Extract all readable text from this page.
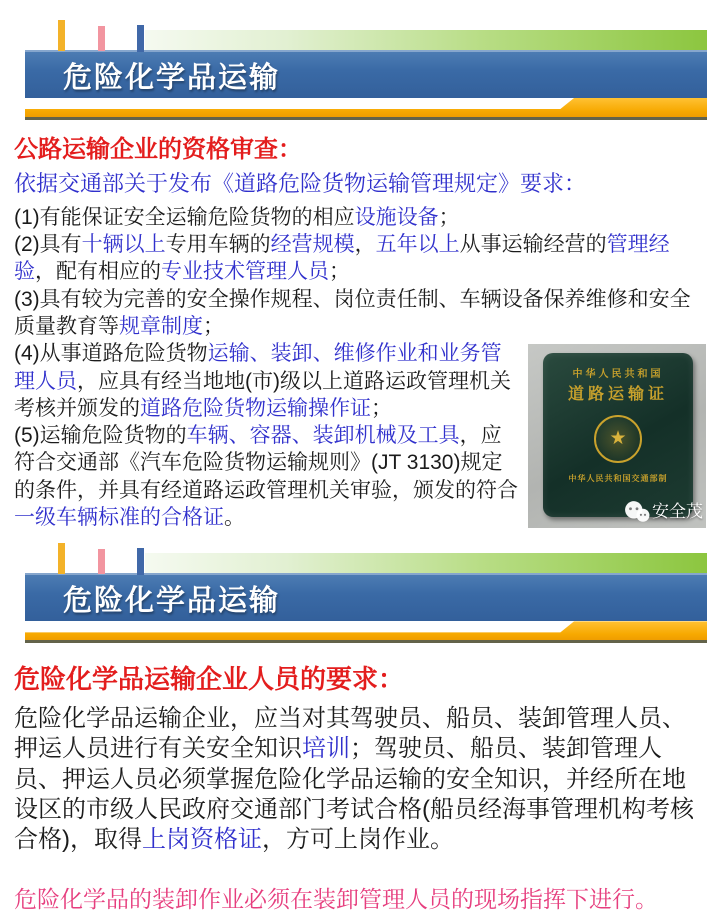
危险化学品运输
公路运输企业的资格审查：
依据交通部关于发布《道路危险货物运输管理规定》要求：

(1)有能保证安全运输危险货物的相应设施设备；

(2)具有十辆以上专用车辆的经营规模，五年以上从事运输经营的管理经验，配有相应的专业技术管理人员；

(3)具有较为完善的安全操作规程、岗位责任制、车辆设备保养维修和安全质量教育等规章制度；

中华人民共和国
道路运输证
★
中华人民共和国交通部制
安全茂

(4)从事道路危险货物运输、装卸、维修作业和业务管理人员，应具有经当地地(市)级以上道路运政管理机关考核并颁发的道路危险货物运输操作证；

(5)运输危险货物的车辆、容器、装卸机械及工具，应符合交通部《汽车危险货物运输规则》(JT 3130)规定的条件，并具有经道路运政管理机关审验，颁发的符合一级车辆标准的合格证。

危险化学品运输
危险化学品运输企业人员的要求：

危险化学品运输企业，应当对其驾驶员、船员、装卸管理人员、押运人员进行有关安全知识培训；驾驶员、船员、装卸管理人员、押运人员必须掌握危险化学品运输的安全知识，并经所在地设区的市级人民政府交通部门考试合格(船员经海事管理机构考核合格)，取得上岗资格证，方可上岗作业。

危险化学品的装卸作业必须在装卸管理人员的现场指挥下进行。
